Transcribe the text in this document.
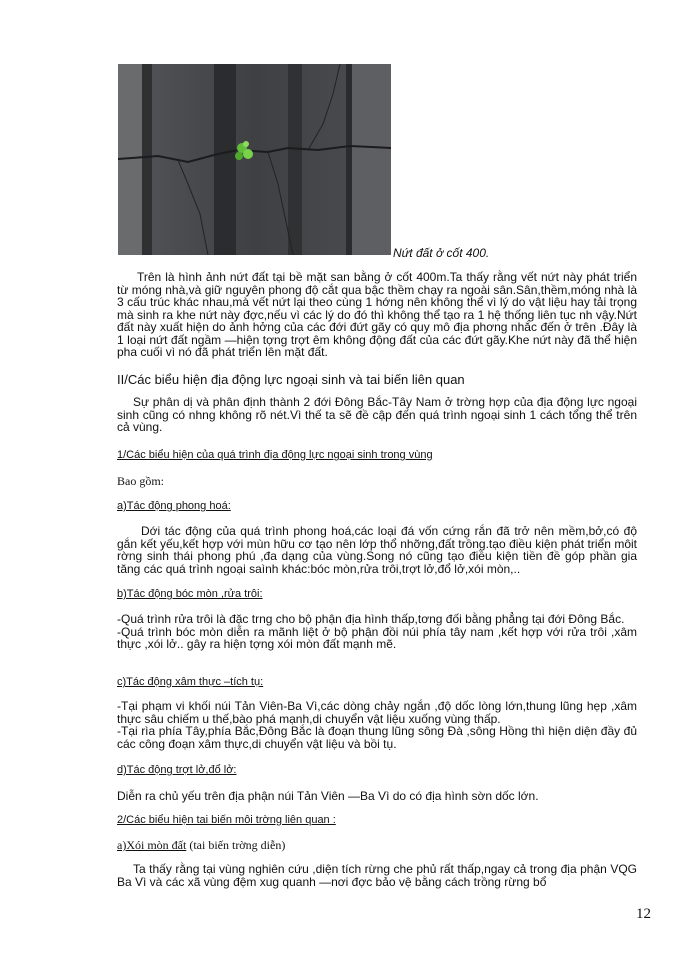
Nứt đất ở cốt 400.
Trên là hình ảnh nứt đất tại bề mặt san bằng ở cốt 400m.Ta thấy rằng vết nứt này phát triển từ móng nhà,và giữ nguyên phong độ cắt qua bậc thềm chạy ra ngoài sân.Sân,thềm,móng nhà là 3 cấu trúc khác nhau,mà vết nứt lại theo cùng 1 hớng nên không thể vì lý do vật liệu hay tải trọng mà sinh ra khe nứt này đợc,nếu vì các lý do đó thì không thể tạo ra 1 hệ thống liên tục nh vậy.Nứt đất này xuất hiện do ảnh hởng của các đới đứt gãy có quy mô địa phơng nhắc đến ở trên .Đây là 1 loại nứt đất ngầm —hiện tợng trợt êm không động đất của các đứt gãy.Khe nứt này đã thể hiện pha cuối vì nó đã phát triển lên mặt đất.
II/Các biểu hiện địa động lực ngoại sinh và tai biến liên quan
Sự phân dị và phân định thành 2 đới Đông Bắc-Tây Nam ở trờng hợp của địa động lực ngoại sinh cũng có nhng không rõ nét.Vì thế ta sẽ đề cập đến quá trình ngoại sinh 1 cách tổng thể trên cả vùng.
1/Các biểu hiện của quá trình địa động lực ngoại sinh trong vùng
Bao gồm:
a)Tác động phong hoá:
Dới tác động của quá trình phong hoá,các loại đá vốn cứng rắn đã trở nên mềm,bở,có độ gắn kết yếu,kết hợp với mùn hữu cơ tạo nên lớp thổ nhỡng,đất trồng.tạo điều kiện phát triển môit rờng sinh thái phong phú ,đa dạng của vùng.Song nó cũng tạo điều kiện tiền đề góp phần gia tăng các quá trình ngoại saình khác:bóc mòn,rửa trôi,trợt lở,đổ lở,xói mòn,..
b)Tác động bóc mòn ,rửa trôi:
-Quá trình rửa trôi là đặc trng cho bộ phận địa hình thấp,tơng đối bằng phẳng tại đới Đông Bắc.
-Quá trình bóc mòn diễn ra mãnh liệt ở bộ phận đồi núi phía tây nam ,kết hợp với rửa trôi ,xâm thực ,xói lở.. gây ra hiện tợng xói mòn đất mạnh mẽ.
c)Tác động xâm thực –tích tụ:
-Tại phạm vi khối núi Tản Viên-Ba Vì,các dòng chảy ngắn ,độ dốc lòng lớn,thung lũng hẹp ,xâm thực sâu chiếm u thế,bào phá mạnh,di chuyển vật liệu xuống vùng thấp.
-Tại rìa phía Tây,phía Bắc,Đông Bắc là đoạn thung lũng sông Đà ,sông Hồng thì hiện diện đầy đủ các công đoạn xâm thực,di chuyển vật liệu và bồi tụ.
d)Tác động trợt lở,đổ lở:
Diễn ra chủ yếu trên địa phận núi Tản Viên —Ba Vì do có địa hình sờn dốc lớn.
2/Các biểu hiện tai biến môi trờng liên quan :
a)Xói mòn đất (tai biến trờng diễn)
Ta thấy rằng tại vùng nghiên cứu ,diện tích rừng che phủ rất thấp,ngay cả trong địa phận VQG Ba Vì và các xã vùng đệm xug quanh —nơi đợc bảo vệ bằng cách trồng rừng bổ
12
